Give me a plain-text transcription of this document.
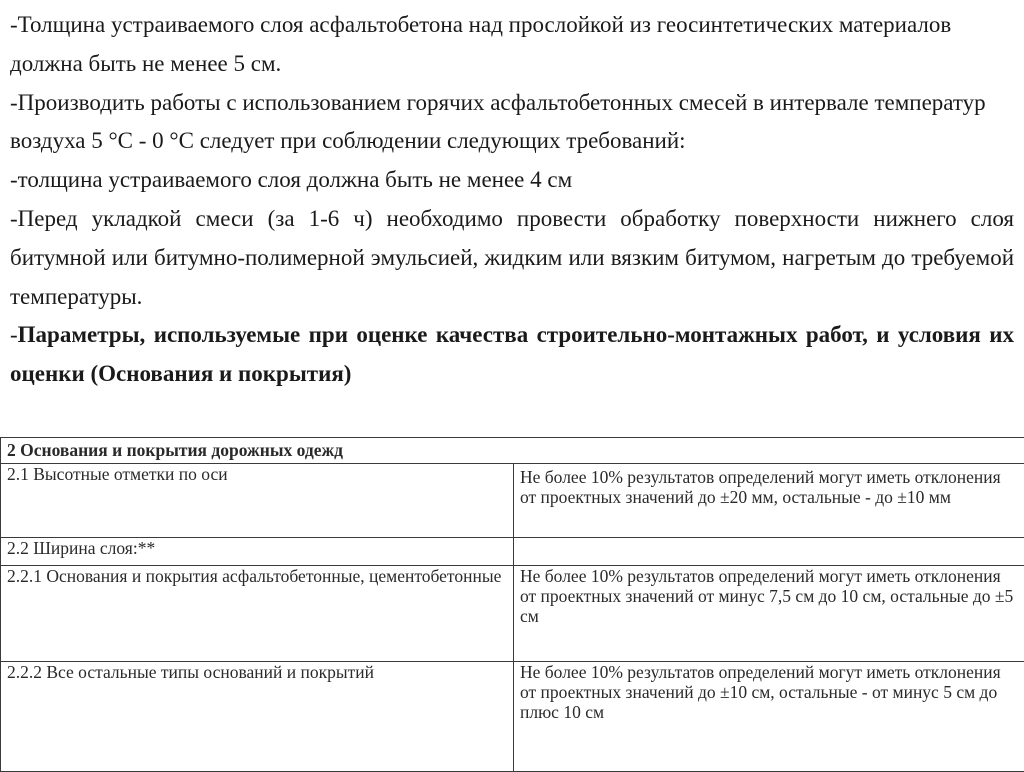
-Толщина устраиваемого слоя асфальтобетона над прослойкой из геосинтетических материалов должна быть не менее 5 см.

-Производить работы с использованием горячих асфальтобетонных смесей в интервале температур воздуха 5 °С - 0 °С следует при соблюдении следующих требований:

-толщина устраиваемого слоя должна быть не менее 4 см

-Перед укладкой смеси (за 1-6 ч) необходимо провести обработку поверхности нижнего слоя битумной или битумно-полимерной эмульсией, жидким или вязким битумом, нагретым до требуемой температуры.

-Параметры, используемые при оценке качества строительно-монтажных работ, и условия их оценки (Основания и покрытия)

2 Основания и покрытия дорожных одежд	
2.1 Высотные отметки по оси	Не более 10% результатов определений могут иметь отклонения от проектных значений до ±20 мм, остальные - до ±10 мм
2.2 Ширина слоя:**	
2.2.1 Основания и покрытия асфальтобетонные, цементобетонные	Не более 10% результатов определений могут иметь отклонения от проектных значений от минус 7,5 см до 10 см, остальные до ±5 см
2.2.2 Все остальные типы оснований и покрытий	Не более 10% результатов определений могут иметь отклонения от проектных значений до ±10 см, остальные - от минус 5 см до плюс 10 см
